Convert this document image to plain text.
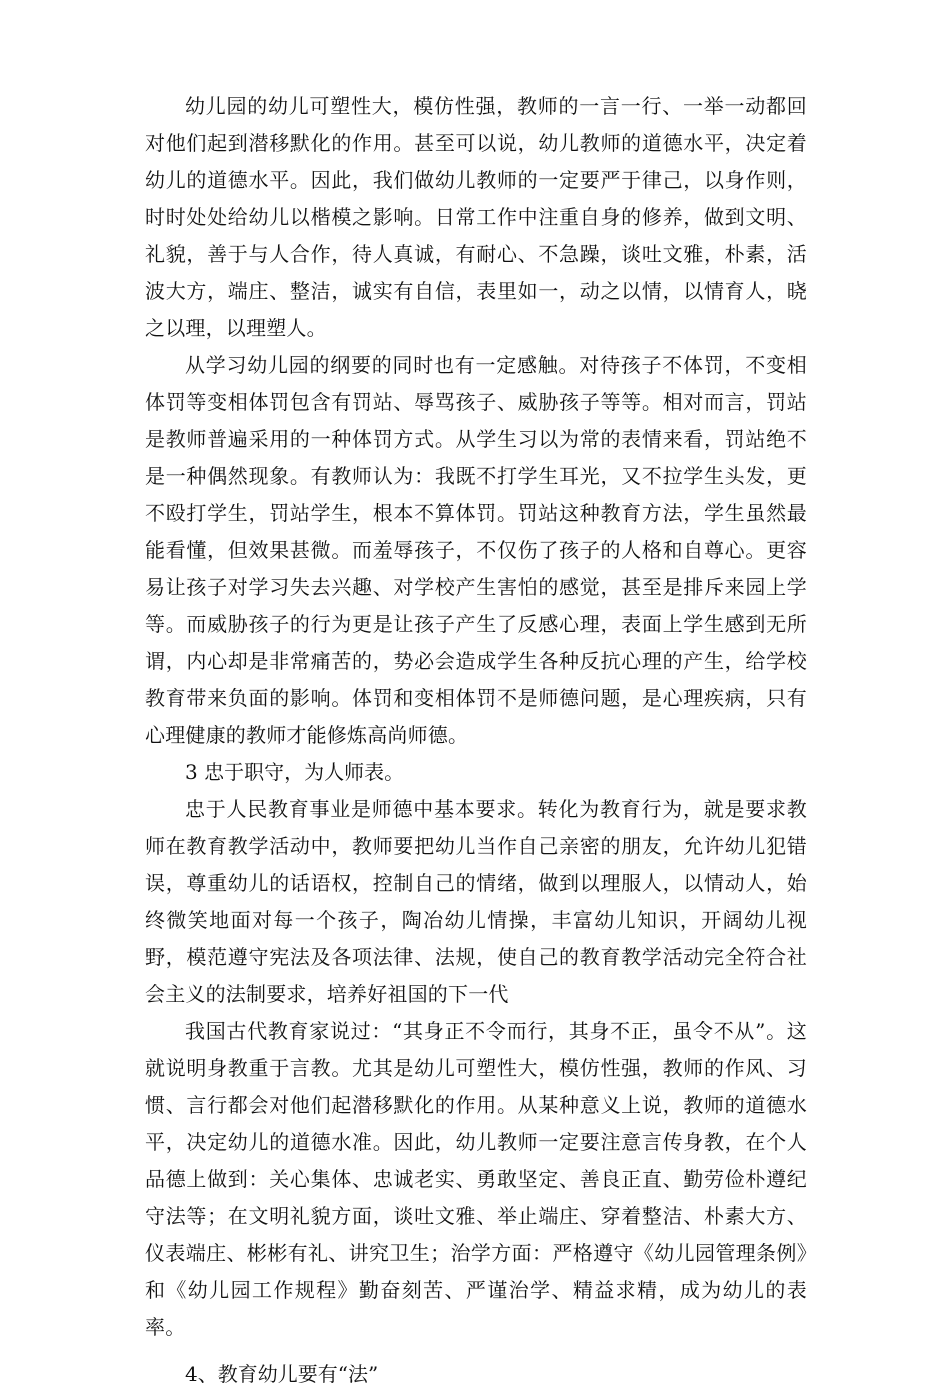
幼儿园的幼儿可塑性大，模仿性强，教师的一言一行、一举一动都回对他们起到潜移默化的作用。甚至可以说，幼儿教师的道德水平，决定着幼儿的道德水平。因此，我们做幼儿教师的一定要严于律己，以身作则，时时处处给幼儿以楷模之影响。日常工作中注重自身的修养，做到文明、礼貌，善于与人合作，待人真诚，有耐心、不急躁，谈吐文雅，朴素，活波大方，端庄、整洁，诚实有自信，表里如一，动之以情，以情育人，晓之以理，以理塑人。

从学习幼儿园的纲要的同时也有一定感触。对待孩子不体罚，不变相体罚等变相体罚包含有罚站、辱骂孩子、威胁孩子等等。相对而言，罚站是教师普遍采用的一种体罚方式。从学生习以为常的表情来看，罚站绝不是一种偶然现象。有教师认为：我既不打学生耳光，又不拉学生头发，更不殴打学生，罚站学生，根本不算体罚。罚站这种教育方法，学生虽然最能看懂，但效果甚微。而羞辱孩子，不仅伤了孩子的人格和自尊心。更容易让孩子对学习失去兴趣、对学校产生害怕的感觉，甚至是排斥来园上学等。而威胁孩子的行为更是让孩子产生了反感心理，表面上学生感到无所谓，内心却是非常痛苦的，势必会造成学生各种反抗心理的产生，给学校教育带来负面的影响。体罚和变相体罚不是师德问题，是心理疾病，只有心理健康的教师才能修炼高尚师德。

3 忠于职守，为人师表。

忠于人民教育事业是师德中基本要求。转化为教育行为，就是要求教师在教育教学活动中，教师要把幼儿当作自己亲密的朋友，允许幼儿犯错误，尊重幼儿的话语权，控制自己的情绪，做到以理服人，以情动人，始终微笑地面对每一个孩子，陶冶幼儿情操，丰富幼儿知识，开阔幼儿视野，模范遵守宪法及各项法律、法规，使自己的教育教学活动完全符合社会主义的法制要求，培养好祖国的下一代

我国古代教育家说过：“其身正不令而行，其身不正，虽令不从”。这就说明身教重于言教。尤其是幼儿可塑性大，模仿性强，教师的作风、习惯、言行都会对他们起潜移默化的作用。从某种意义上说，教师的道德水平，决定幼儿的道德水准。因此，幼儿教师一定要注意言传身教，在个人品德上做到：关心集体、忠诚老实、勇敢坚定、善良正直、勤劳俭朴遵纪守法等；在文明礼貌方面，谈吐文雅、举止端庄、穿着整洁、朴素大方、仪表端庄、彬彬有礼、讲究卫生；治学方面：严格遵守《幼儿园管理条例》和《幼儿园工作规程》勤奋刻苦、严谨治学、精益求精，成为幼儿的表率。

4、教育幼儿要有“法”
